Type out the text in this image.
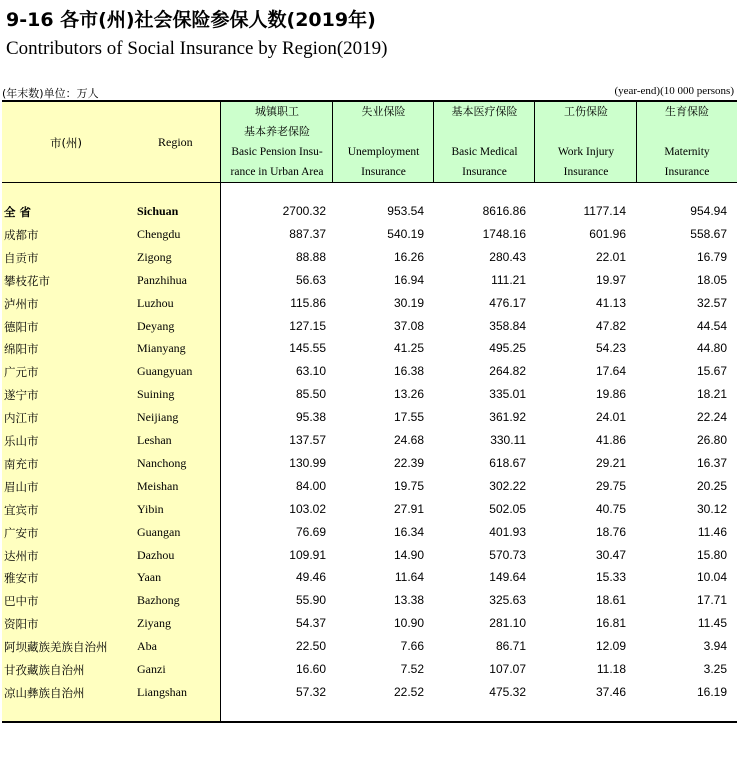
9-16 各市(州)社会保险参保人数(2019年)
Contributors of Social Insurance by Region(2019)
(年末数)单位：万人	(year-end)(10 000 persons)
市(州)	Region
城镇职工
基本养老保险
Basic Pension Insu-
rance in Urban Area
失业保险

Unemployment
Insurance
基本医疗保险

Basic Medical
Insurance
工伤保险

Work Injury
Insurance
生育保险

Maternity
Insurance
全 省	Sichuan	2700.32	953.54	8616.86	1177.14	954.94
成都市	Chengdu	887.37	540.19	1748.16	601.96	558.67
自贡市	Zigong	88.88	16.26	280.43	22.01	16.79
攀枝花市	Panzhihua	56.63	16.94	111.21	19.97	18.05
泸州市	Luzhou	115.86	30.19	476.17	41.13	32.57
德阳市	Deyang	127.15	37.08	358.84	47.82	44.54
绵阳市	Mianyang	145.55	41.25	495.25	54.23	44.80
广元市	Guangyuan	63.10	16.38	264.82	17.64	15.67
遂宁市	Suining	85.50	13.26	335.01	19.86	18.21
内江市	Neijiang	95.38	17.55	361.92	24.01	22.24
乐山市	Leshan	137.57	24.68	330.11	41.86	26.80
南充市	Nanchong	130.99	22.39	618.67	29.21	16.37
眉山市	Meishan	84.00	19.75	302.22	29.75	20.25
宜宾市	Yibin	103.02	27.91	502.05	40.75	30.12
广安市	Guangan	76.69	16.34	401.93	18.76	11.46
达州市	Dazhou	109.91	14.90	570.73	30.47	15.80
雅安市	Yaan	49.46	11.64	149.64	15.33	10.04
巴中市	Bazhong	55.90	13.38	325.63	18.61	17.71
资阳市	Ziyang	54.37	10.90	281.10	16.81	11.45
阿坝藏族羌族自治州 Aba	22.50	7.66	86.71	12.09	3.94
甘孜藏族自治州	Ganzi	16.60	7.52	107.07	11.18	3.25
凉山彝族自治州	Liangshan	57.32	22.52	475.32	37.46	16.19
